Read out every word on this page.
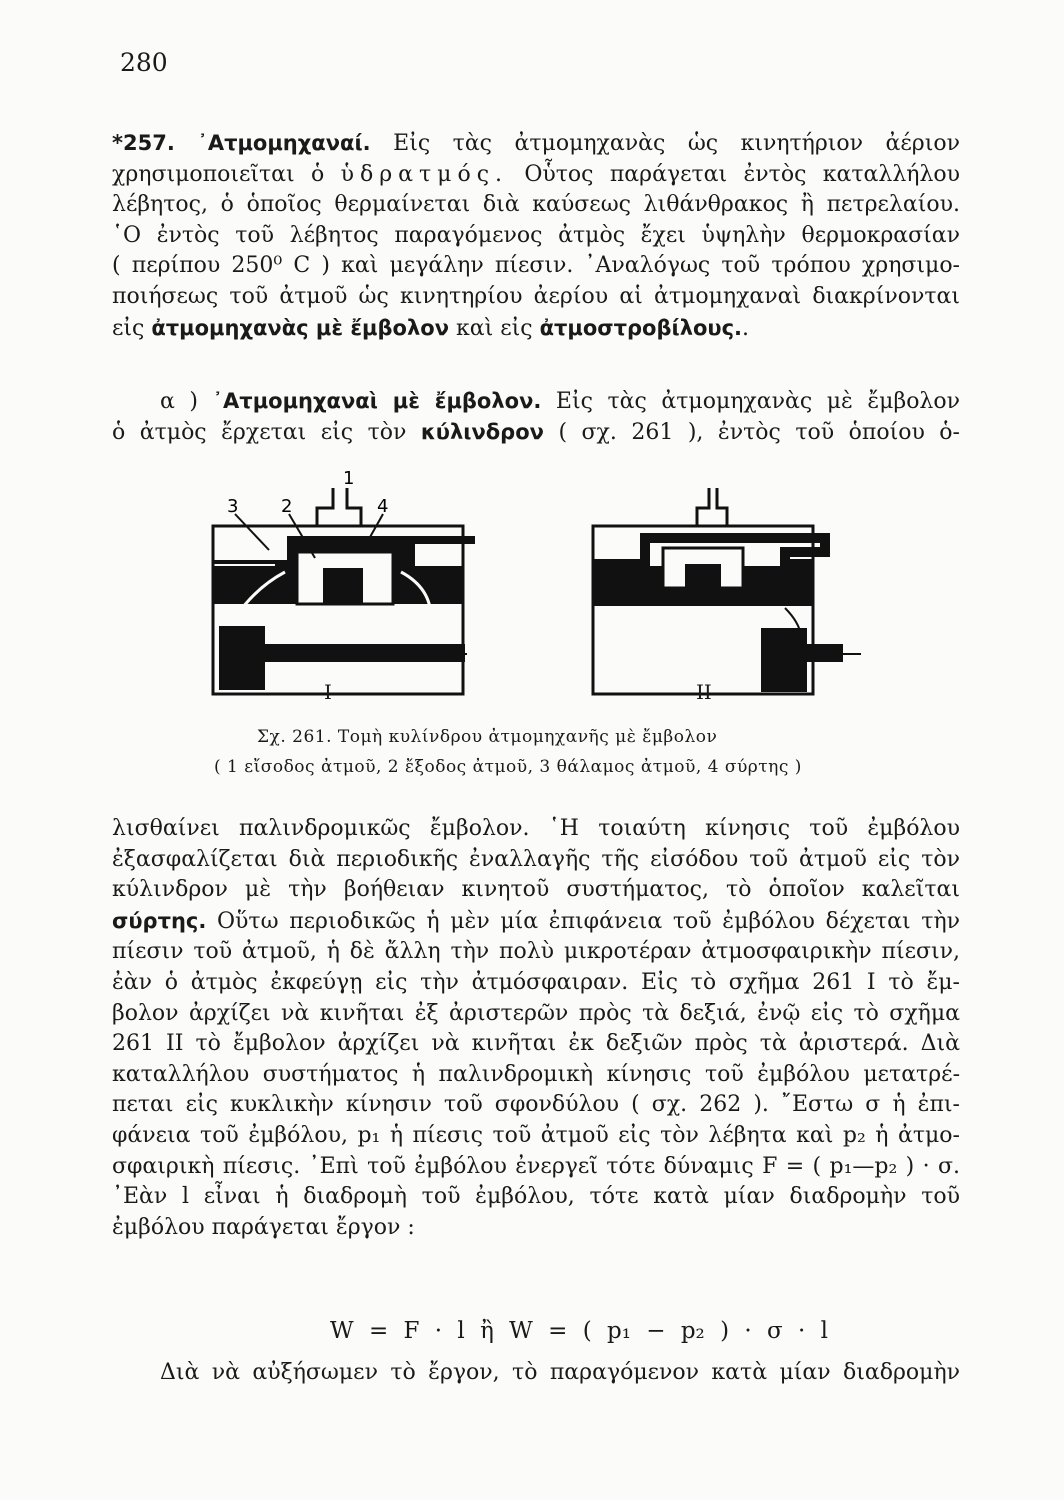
280
*257. ᾿Ατμομηχαναί. Εἰς τὰς ἀτμομηχανὰς ὡς κινητήριον ἀέριον
χρησιμοποιεῖται ὁ ὑδρατμός. Οὗτος παράγεται ἐντὸς καταλλήλου
λέβητος, ὁ ὁποῖος θερμαίνεται διὰ καύσεως λιθάνθρακος ἢ πετρελαίου.
῾Ο ἐντὸς τοῦ λέβητος παραγόμενος ἀτμὸς ἔχει ὑψηλὴν θερμοκρασίαν
( περίπου 250⁰ C ) καὶ μεγάλην πίεσιν. ᾿Αναλόγως τοῦ τρόπου χρησιμο-
ποιήσεως τοῦ ἀτμοῦ ὡς κινητηρίου ἀερίου αἱ ἀτμομηχαναὶ διακρίνονται
εἰς ἀτμομηχανὰς μὲ ἔμβολον καὶ εἰς ἀτμοστροβίλους..
α ) ᾿Ατμομηχαναὶ μὲ ἔμβολον. Εἰς τὰς ἀτμομηχανὰς μὲ ἔμβολον
ὁ ἀτμὸς ἔρχεται εἰς τὸν κύλινδρον ( σχ. 261 ), ἐντὸς τοῦ ὁποίου ὁ-
3 2
1
4
I	II
Σχ. 261. Τομὴ κυλίνδρου ἀτμομηχανῆς μὲ ἔμβολον
( 1 εἴσοδος ἀτμοῦ, 2 ἔξοδος ἀτμοῦ, 3 θάλαμος ἀτμοῦ, 4 σύρτης )
λισθαίνει παλινδρομικῶς ἔμβολον. ῾Η τοιαύτη κίνησις τοῦ ἐμβόλου
ἐξασφαλίζεται διὰ περιοδικῆς ἐναλλαγῆς τῆς εἰσόδου τοῦ ἀτμοῦ εἰς τὸν
κύλινδρον μὲ τὴν βοήθειαν κινητοῦ συστήματος, τὸ ὁποῖον καλεῖται
σύρτης. Οὕτω περιοδικῶς ἡ μὲν μία ἐπιφάνεια τοῦ ἐμβόλου δέχεται τὴν
πίεσιν τοῦ ἀτμοῦ, ἡ δὲ ἄλλη τὴν πολὺ μικροτέραν ἀτμοσφαιρικὴν πίεσιν,
ἐὰν ὁ ἀτμὸς ἐκφεύγῃ εἰς τὴν ἀτμόσφαιραν. Εἰς τὸ σχῆμα 261 I τὸ ἔμ-
βολον ἀρχίζει νὰ κινῆται ἐξ ἀριστερῶν πρὸς τὰ δεξιά, ἐνῷ εἰς τὸ σχῆμα
261 II τὸ ἔμβολον ἀρχίζει νὰ κινῆται ἐκ δεξιῶν πρὸς τὰ ἀριστερά. Διὰ
καταλλήλου συστήματος ἡ παλινδρομικὴ κίνησις τοῦ ἐμβόλου μετατρέ-
πεται εἰς κυκλικὴν κίνησιν τοῦ σφονδύλου ( σχ. 262 ). ῎Εστω σ ἡ ἐπι-
φάνεια τοῦ ἐμβόλου, p₁ ἡ πίεσις τοῦ ἀτμοῦ εἰς τὸν λέβητα καὶ p₂ ἡ ἀτμο-
σφαιρικὴ πίεσις. ᾿Επὶ τοῦ ἐμβόλου ἐνεργεῖ τότε δύναμις F = ( p₁—p₂ ) · σ.
᾿Εὰν l εἶναι ἡ διαδρομὴ τοῦ ἐμβόλου, τότε κατὰ μίαν διαδρομὴν τοῦ
ἐμβόλου παράγεται ἔργον :
W = F · l ἢ W = ( p₁ − p₂ ) · σ · l
Διὰ νὰ αὐξήσωμεν τὸ ἔργον, τὸ παραγόμενον κατὰ μίαν διαδρομὴν
